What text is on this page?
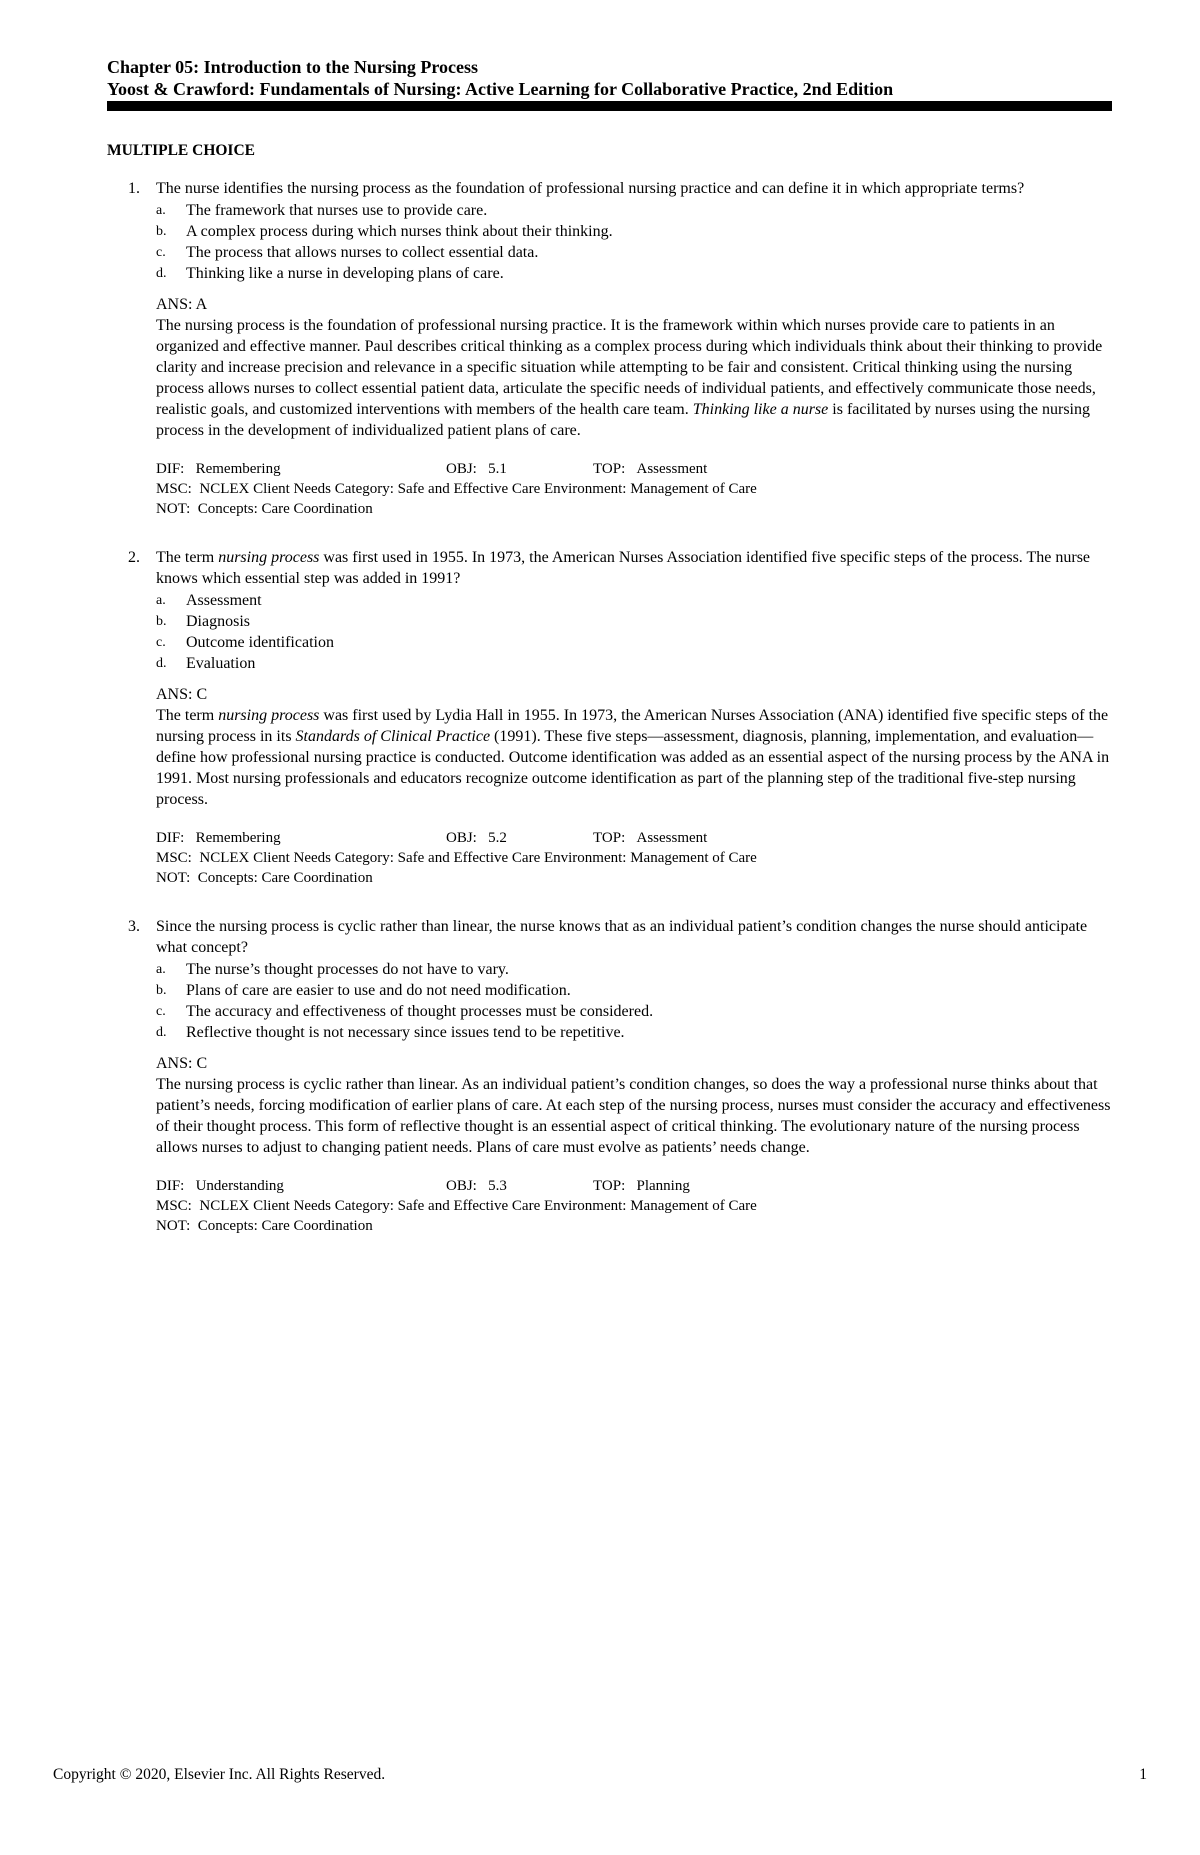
Chapter 05: Introduction to the Nursing Process
Yoost & Crawford: Fundamentals of Nursing: Active Learning for Collaborative Practice, 2nd Edition
MULTIPLE CHOICE
1. The nurse identifies the nursing process as the foundation of professional nursing practice and can define it in which appropriate terms?

a. The framework that nurses use to provide care.
b. A complex process during which nurses think about their thinking.
c. The process that allows nurses to collect essential data.
d. Thinking like a nurse in developing plans of care.
ANS: A

The nursing process is the foundation of professional nursing practice. It is the framework within which nurses provide care to patients in an organized and effective manner. Paul describes critical thinking as a complex process during which individuals think about their thinking to provide clarity and increase precision and relevance in a specific situation while attempting to be fair and consistent. Critical thinking using the nursing process allows nurses to collect essential patient data, articulate the specific needs of individual patients, and effectively communicate those needs, realistic goals, and customized interventions with members of the health care team. Thinking like a nurse is facilitated by nurses using the nursing process in the development of individualized patient plans of care.

DIF: Remembering	OBJ: 5.1	TOP: Assessment
MSC: NCLEX Client Needs Category: Safe and Effective Care Environment: Management of Care
NOT: Concepts: Care Coordination
2. The term nursing process was first used in 1955. In 1973, the American Nurses Association identified five specific steps of the process. The nurse knows which essential step was added in 1991?

a. Assessment
b. Diagnosis
c. Outcome identification
d. Evaluation
ANS: C

The term nursing process was first used by Lydia Hall in 1955. In 1973, the American Nurses Association (ANA) identified five specific steps of the nursing process in its Standards of Clinical Practice (1991). These five steps—assessment, diagnosis, planning, implementation, and evaluation—define how professional nursing practice is conducted. Outcome identification was added as an essential aspect of the nursing process by the ANA in 1991. Most nursing professionals and educators recognize outcome identification as part of the planning step of the traditional five-step nursing process.

DIF: Remembering	OBJ: 5.2	TOP: Assessment
MSC: NCLEX Client Needs Category: Safe and Effective Care Environment: Management of Care
NOT: Concepts: Care Coordination
3. Since the nursing process is cyclic rather than linear, the nurse knows that as an individual patient’s condition changes the nurse should anticipate what concept?

a. The nurse’s thought processes do not have to vary.
b. Plans of care are easier to use and do not need modification.
c. The accuracy and effectiveness of thought processes must be considered.
d. Reflective thought is not necessary since issues tend to be repetitive.
ANS: C

The nursing process is cyclic rather than linear. As an individual patient’s condition changes, so does the way a professional nurse thinks about that patient’s needs, forcing modification of earlier plans of care. At each step of the nursing process, nurses must consider the accuracy and effectiveness of their thought process. This form of reflective thought is an essential aspect of critical thinking. The evolutionary nature of the nursing process allows nurses to adjust to changing patient needs. Plans of care must evolve as patients’ needs change.

DIF: Understanding	OBJ: 5.3	TOP: Planning
MSC: NCLEX Client Needs Category: Safe and Effective Care Environment: Management of Care
NOT: Concepts: Care Coordination
Copyright © 2020, Elsevier Inc. All Rights Reserved.	1
